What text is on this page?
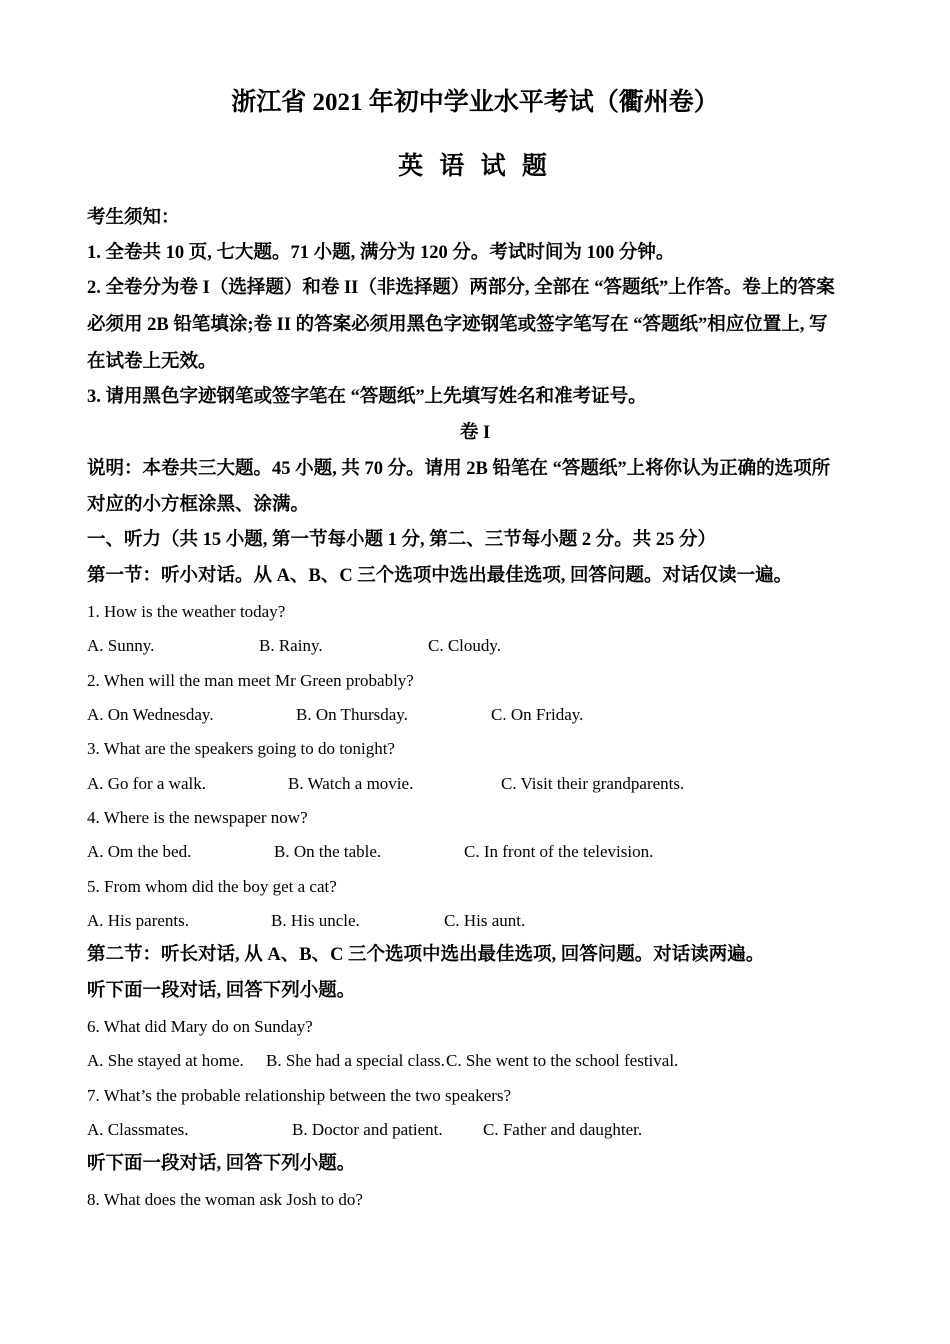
浙江省 2021 年初中学业水平考试（衢州卷）
英 语 试 题
考生须知：
1. 全卷共 10 页, 七大题。71 小题, 满分为 120 分。考试时间为 100 分钟。
2. 全卷分为卷 I（选择题）和卷 II（非选择题）两部分, 全部在 “答题纸”上作答。卷上的答案
必须用 2B 铅笔填涂;卷 II 的答案必须用黑色字迹钢笔或签字笔写在 “答题纸”相应位置上, 写
在试卷上无效。
3. 请用黑色字迹钢笔或签字笔在 “答题纸”上先填写姓名和准考证号。
卷 I
说明：本卷共三大题。45 小题, 共 70 分。请用 2B 铅笔在 “答题纸”上将你认为正确的选项所
对应的小方框涂黑、涂满。
一、听力（共 15 小题, 第一节每小题 1 分, 第二、三节每小题 2 分。共 25 分）
第一节：听小对话。从 A、B、C 三个选项中选出最佳选项, 回答问题。对话仅读一遍。
1. How is the weather today?
A. Sunny.	B. Rainy.	C. Cloudy.
2. When will the man meet Mr Green probably?
A. On Wednesday.	B. On Thursday.	C. On Friday.
3. What are the speakers going to do tonight?
A. Go for a walk.	B. Watch a movie.	C. Visit their grandparents.
4. Where is the newspaper now?
A. Om the bed.	B. On the table.	C. In front of the television.
5. From whom did the boy get a cat?
A. His parents.	B. His uncle.	C. His aunt.
第二节：听长对话, 从 A、B、C 三个选项中选出最佳选项, 回答问题。对话读两遍。
听下面一段对话, 回答下列小题。
6. What did Mary do on Sunday?
A. She stayed at home. B. She had a special class. C. She went to the school festival.
7. What’s the probable relationship between the two speakers?
A. Classmates.	B. Doctor and patient. C. Father and daughter.
听下面一段对话, 回答下列小题。
8. What does the woman ask Josh to do?
